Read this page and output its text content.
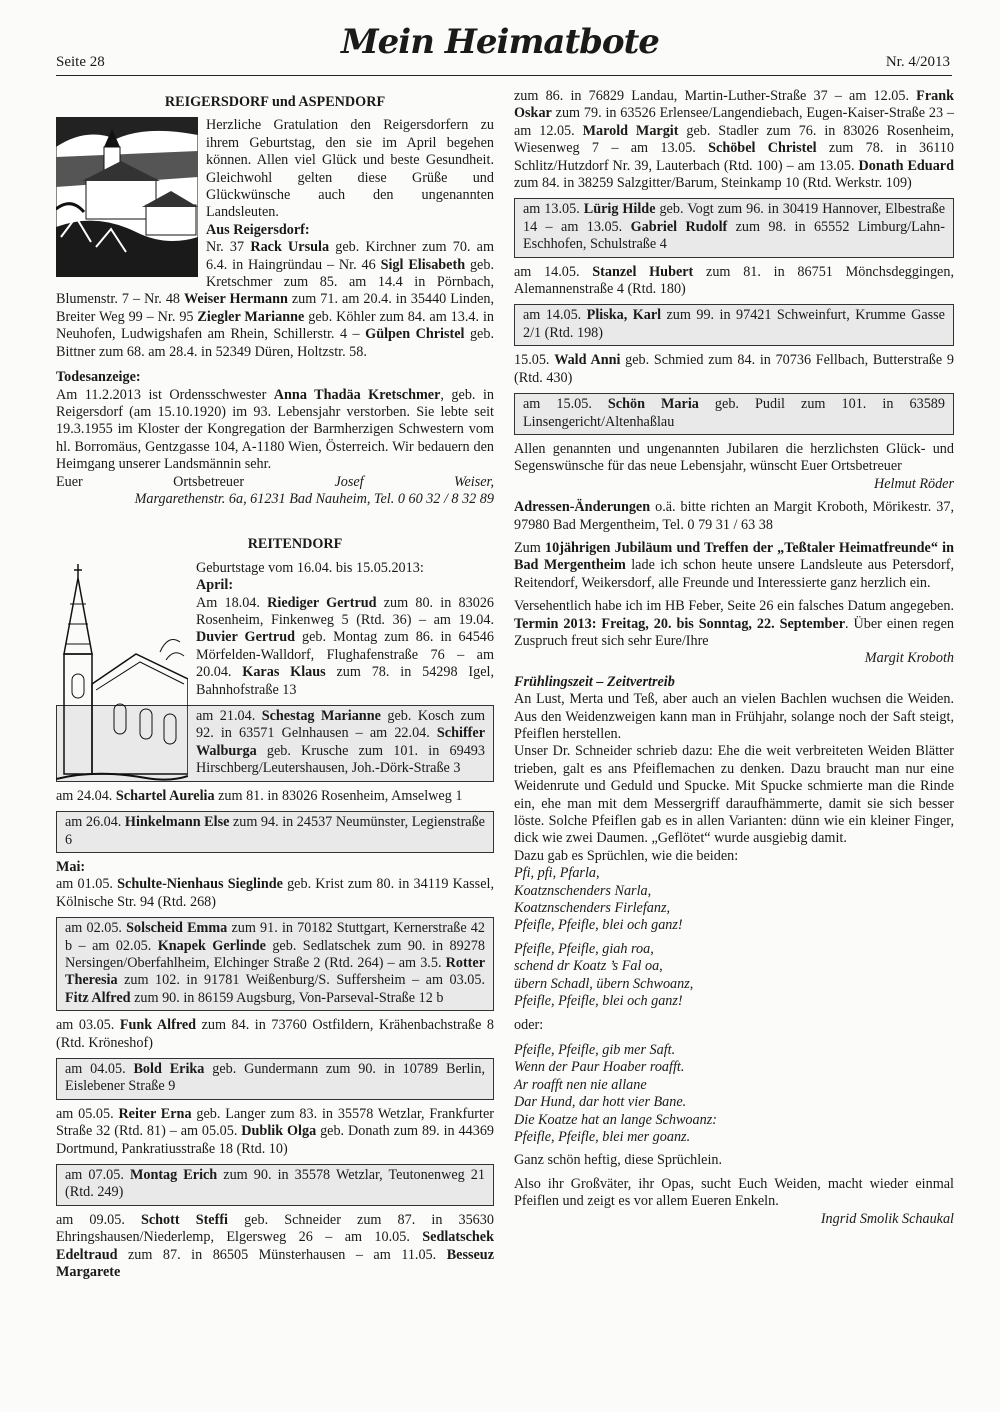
Seite 28	Mein Heimatbote	Nr. 4/2013

REIGERSDORF und ASPENDORF

Herzliche Gratulation den Reigersdorfern zu ihrem Geburtstag, den sie im April begehen können. Allen viel Glück und beste Gesundheit. Gleichwohl gelten diese Grüße und Glückwünsche auch den ungenannten Landsleuten.

Aus Reigersdorf:

Nr. 37 Rack Ursula geb. Kirchner zum 70. am 6.4. in Haingründau – Nr. 46 Sigl Elisabeth geb. Kretschmer zum 85. am 14.4 in Pörnbach, Blumenstr. 7 – Nr. 48 Weiser Hermann zum 71. am 20.4. in 35440 Linden, Breiter Weg 99 – Nr. 95 Ziegler Marianne geb. Köhler zum 84. am 13.4. in Neuhofen, Ludwigshafen am Rhein, Schillerstr. 4 – Gülpen Christel geb. Bittner zum 68. am 28.4. in 52349 Düren, Holtzstr. 58.

Todesanzeige:

Am 11.2.2013 ist Ordensschwester Anna Thadäa Kretschmer, geb. in Reigersdorf (am 15.10.1920) im 93. Lebensjahr verstorben. Sie lebte seit 19.3.1955 im Kloster der Kongregation der Barmherzigen Schwestern vom hl. Borromäus, Gentzgasse 104, A-1180 Wien, Österreich. Wir bedauern den Heimgang unserer Landsmännin sehr.

Euer Ortsbetreuer	Josef Weiser,

Margarethenstr. 6a, 61231 Bad Nauheim, Tel. 0 60 32 / 8 32 89

REITENDORF

Geburtstage vom 16.04. bis 15.05.2013:

April:

Am 18.04. Riediger Gertrud zum 80. in 83026 Rosenheim, Finkenweg 5 (Rtd. 36) – am 19.04. Duvier Gertrud geb. Montag zum 86. in 64546 Mörfelden-Walldorf, Flughafenstraße 76 – am 20.04. Karas Klaus zum 78. in 54298 Igel, Bahnhofstraße 13

am 21.04. Schestag Marianne geb. Kosch zum 92. in 63571 Gelnhausen – am 22.04. Schiffer Walburga geb. Krusche zum 101. in 69493 Hirschberg/Leutershausen, Joh.-Dörk-Straße 3

am 24.04. Schartel Aurelia zum 81. in 83026 Rosenheim, Amselweg 1

am 26.04. Hinkelmann Else zum 94. in 24537 Neumünster, Legienstraße 6

Mai:

am 01.05. Schulte-Nienhaus Sieglinde geb. Krist zum 80. in 34119 Kassel, Kölnische Str. 94 (Rtd. 268)

am 02.05. Solscheid Emma zum 91. in 70182 Stuttgart, Kernerstraße 42 b – am 02.05. Knapek Gerlinde geb. Sedlatschek zum 90. in 89278 Nersingen/Oberfahlheim, Elchinger Straße 2 (Rtd. 264) – am 3.5. Rotter Theresia zum 102. in 91781 Weißenburg/S. Suffersheim – am 03.05. Fitz Alfred zum 90. in 86159 Augsburg, Von-Parseval-Straße 12 b

am 03.05. Funk Alfred zum 84. in 73760 Ostfildern, Krähenbachstraße 8 (Rtd. Kröneshof)

am 04.05. Bold Erika geb. Gundermann zum 90. in 10789 Berlin, Eislebener Straße 9

am 05.05. Reiter Erna geb. Langer zum 83. in 35578 Wetzlar, Frankfurter Straße 32 (Rtd. 81) – am 05.05. Dublik Olga geb. Donath zum 89. in 44369 Dortmund, Pankratiusstraße 18 (Rtd. 10)

am 07.05. Montag Erich zum 90. in 35578 Wetzlar, Teutonenweg 21 (Rtd. 249)

am 09.05. Schott Steffi geb. Schneider zum 87. in 35630 Ehringshausen/Niederlemp, Elgersweg 26 – am 10.05. Sedlatschek Edeltraud zum 87. in 86505 Münsterhausen – am 11.05. Besseuz Margarete

zum 86. in 76829 Landau, Martin-Luther-Straße 37 – am 12.05. Frank Oskar zum 79. in 63526 Erlensee/Langendiebach, Eugen-Kaiser-Straße 23 – am 12.05. Marold Margit geb. Stadler zum 76. in 83026 Rosenheim, Wiesenweg 7 – am 13.05. Schöbel Christel zum 78. in 36110 Schlitz/Hutzdorf Nr. 39, Lauterbach (Rtd. 100) – am 13.05. Donath Eduard zum 84. in 38259 Salzgitter/Barum, Steinkamp 10 (Rtd. Werkstr. 109)

am 13.05. Lürig Hilde geb. Vogt zum 96. in 30419 Hannover, Elbestraße 14 – am 13.05. Gabriel Rudolf zum 98. in 65552 Limburg/Lahn-Eschhofen, Schulstraße 4

am 14.05. Stanzel Hubert zum 81. in 86751 Mönchsdeggingen, Alemannenstraße 4 (Rtd. 180)

am 14.05. Pliska, Karl zum 99. in 97421 Schweinfurt, Krumme Gasse 2/1 (Rtd. 198)

15.05. Wald Anni geb. Schmied zum 84. in 70736 Fellbach, Butterstraße 9 (Rtd. 430)

am 15.05. Schön Maria geb. Pudil zum 101. in 63589 Linsengericht/Altenhaßlau

Allen genannten und ungenannten Jubilaren die herzlichsten Glück- und Segenswünsche für das neue Lebensjahr, wünscht Euer Ortsbetreuer
Helmut Röder

Adressen-Änderungen o.ä. bitte richten an Margit Kroboth, Mörikestr. 37, 97980 Bad Mergentheim, Tel. 0 79 31 / 63 38

Zum 10jährigen Jubiläum und Treffen der „Teßtaler Heimatfreunde“ in Bad Mergentheim lade ich schon heute unsere Landsleute aus Petersdorf, Reitendorf, Weikersdorf, alle Freunde und Interessierte ganz herzlich ein.

Versehentlich habe ich im HB Feber, Seite 26 ein falsches Datum angegeben. Termin 2013: Freitag, 20. bis Sonntag, 22. September. Über einen regen Zuspruch freut sich sehr Eure/Ihre

Margit Kroboth

Frühlingszeit – Zeitvertreib

An Lust, Merta und Teß, aber auch an vielen Bachlen wuchsen die Weiden. Aus den Weidenzweigen kann man in Frühjahr, solange noch der Saft steigt, Pfeiflen herstellen.

Unser Dr. Schneider schrieb dazu: Ehe die weit verbreiteten Weiden Blätter trieben, galt es ans Pfeiflemachen zu denken. Dazu braucht man nur eine Weidenrute und Geduld und Spucke. Mit Spucke schmierte man die Rinde ein, ehe man mit dem Messergriff daraufhämmerte, damit sie sich besser löste. Solche Pfeiflen gab es in allen Varianten: dünn wie ein kleiner Finger, dick wie zwei Daumen. „Geflötet“ wurde ausgiebig damit.

Dazu gab es Sprüchlen, wie die beiden:

Pfi, pfi, Pfarla,

Koatznschenders Narla,

Koatznschenders Firlefanz,

Pfeifle, Pfeifle, blei och ganz!

Pfeifle, Pfeifle, giah roa,

schend dr Koatz ’s Fal oa,

übern Schadl, übern Schwoanz,

Pfeifle, Pfeifle, blei och ganz!

oder:

Pfeifle, Pfeifle, gib mer Saft.

Wenn der Paur Hoaber roafft.

Ar roafft nen nie allane

Dar Hund, dar hott vier Bane.

Die Koatze hat an lange Schwoanz:

Pfeifle, Pfeifle, blei mer goanz.

Ganz schön heftig, diese Sprüchlein.

Also ihr Großväter, ihr Opas, sucht Euch Weiden, macht wieder einmal Pfeiflen und zeigt es vor allem Eueren Enkeln.

Ingrid Smolik Schaukal
